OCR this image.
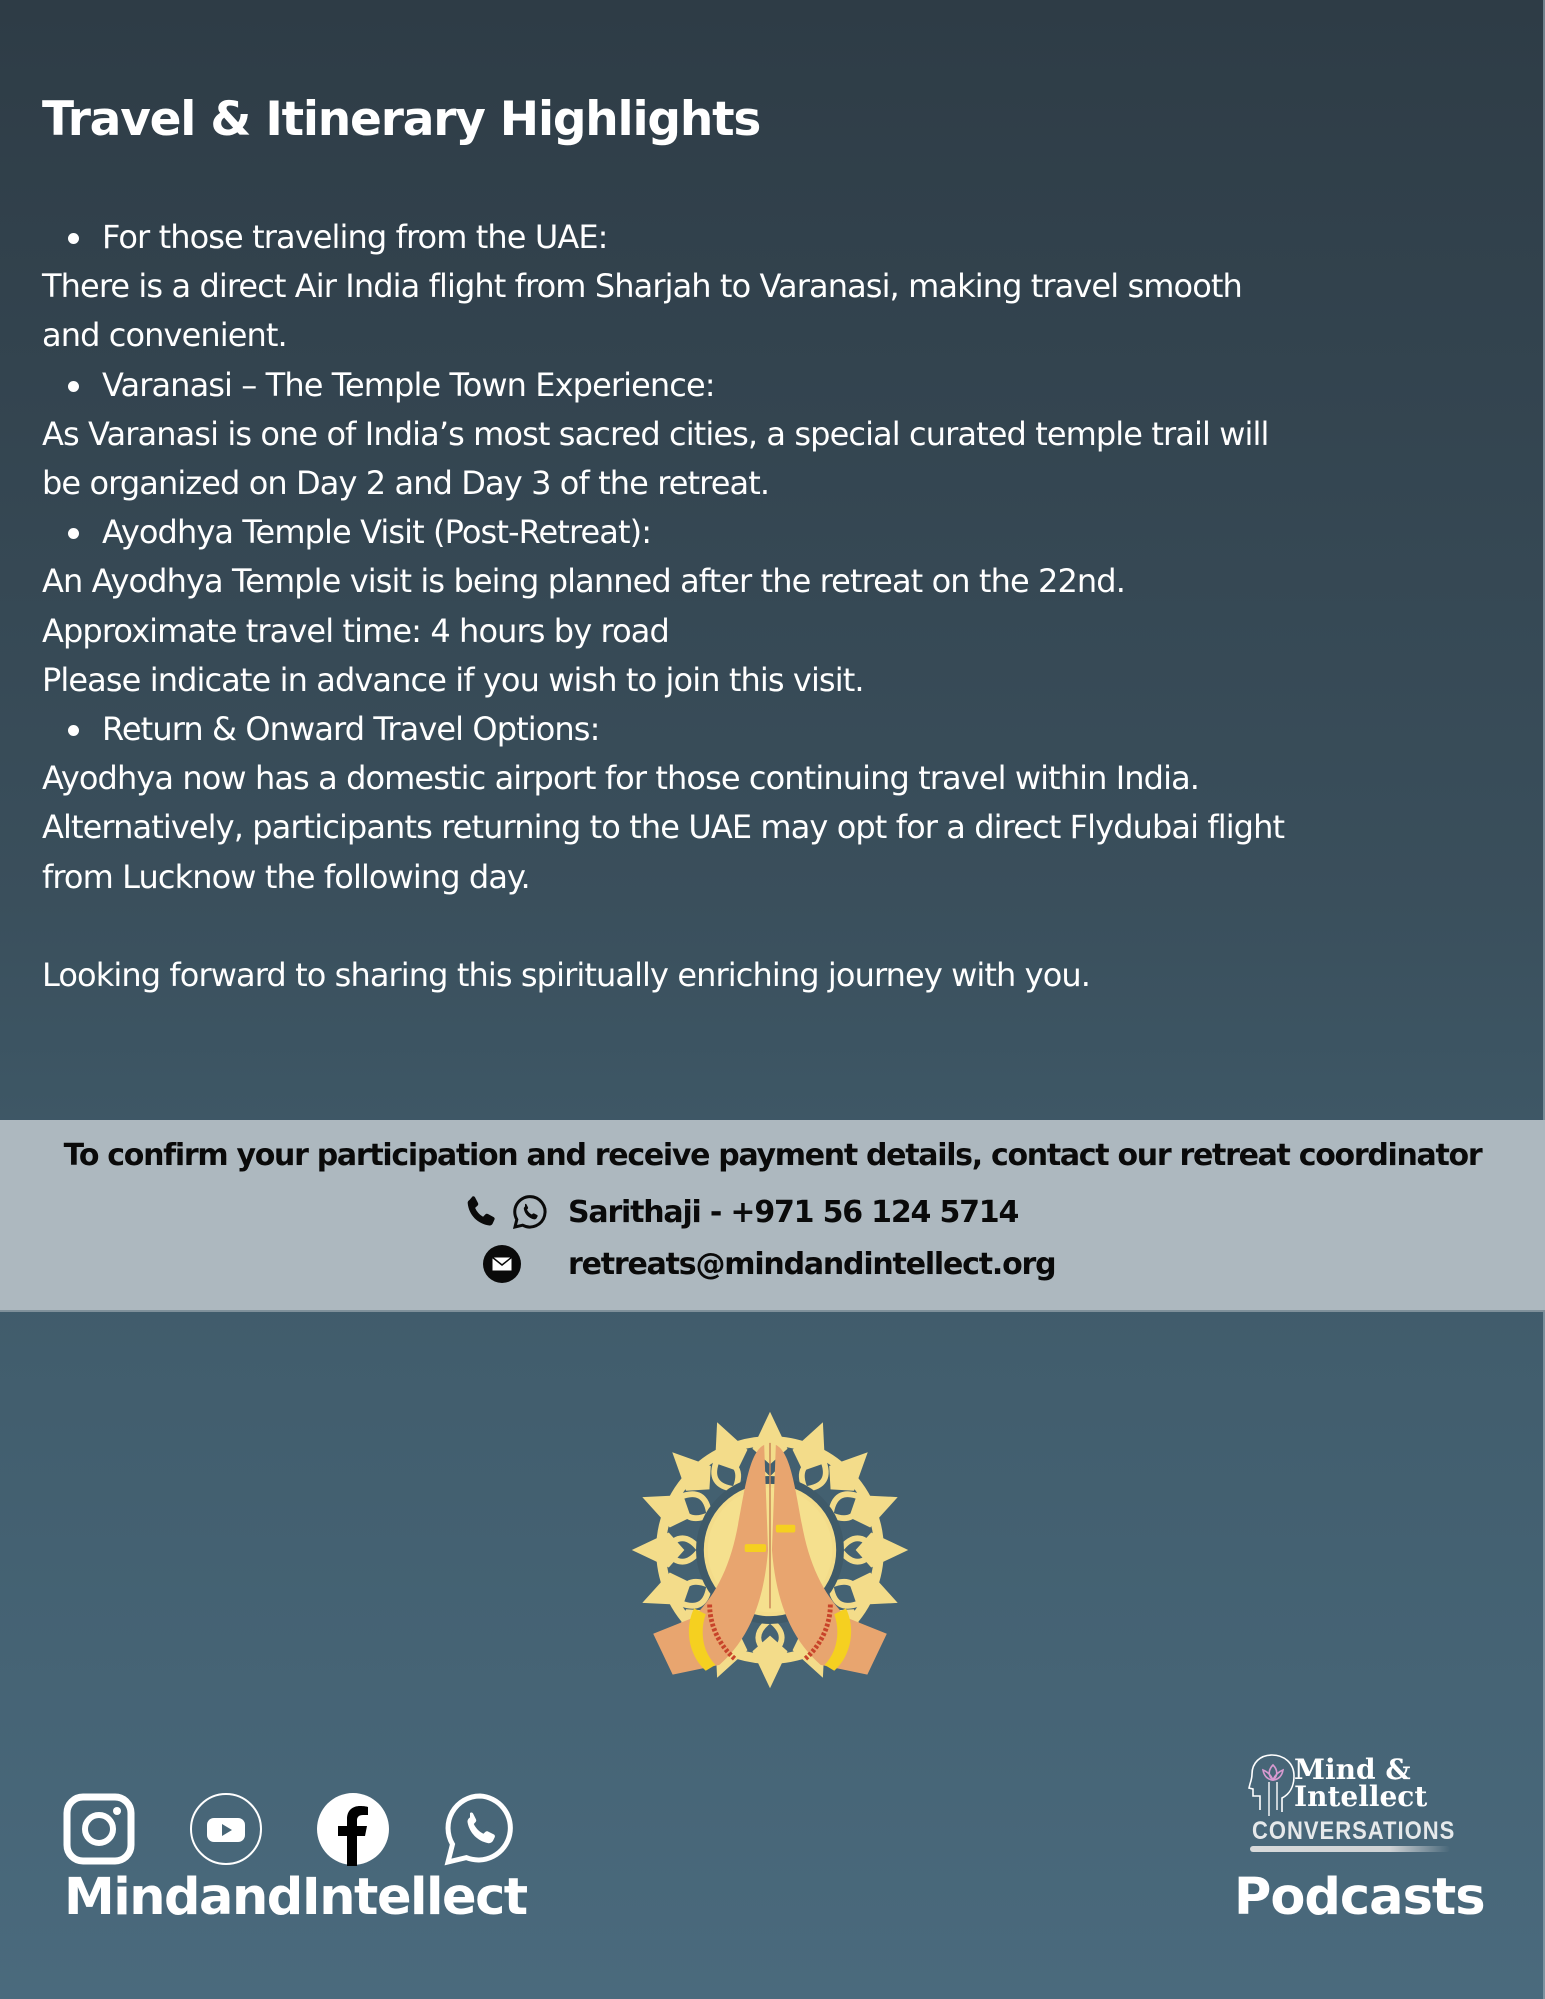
Travel & Itinerary Highlights
For those traveling from the UAE:
There is a direct Air India flight from Sharjah to Varanasi, making travel smooth
and convenient.
Varanasi – The Temple Town Experience:
As Varanasi is one of India’s most sacred cities, a special curated temple trail will
be organized on Day 2 and Day 3 of the retreat.
Ayodhya Temple Visit (Post-Retreat):
An Ayodhya Temple visit is being planned after the retreat on the 22nd.
Approximate travel time: 4 hours by road
Please indicate in advance if you wish to join this visit.
Return & Onward Travel Options:
Ayodhya now has a domestic airport for those continuing travel within India.
Alternatively, participants returning to the UAE may opt for a direct Flydubai flight
from Lucknow the following day.
Looking forward to sharing this spiritually enriching journey with you.
To confirm your participation and receive payment details, contact our retreat coordinator
Sarithaji - +971 56 124 5714
retreats@mindandintellect.org
MindandIntellect
Mind &
Intellect
CONVERSATIONS
Podcasts
